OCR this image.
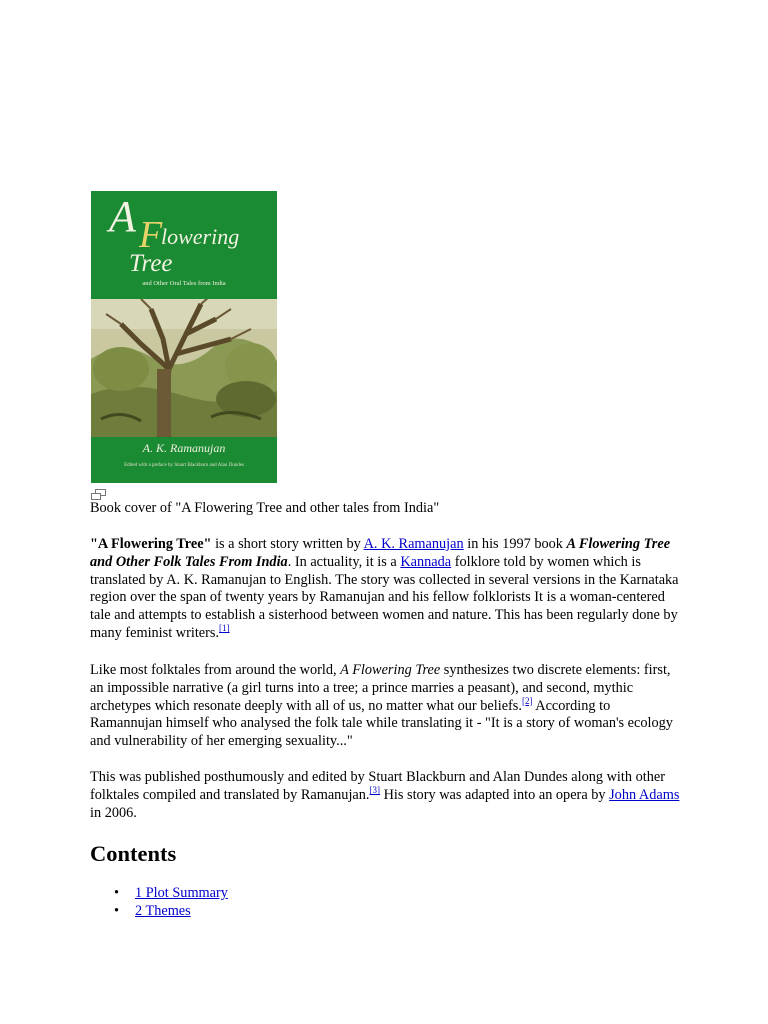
A F
lowering
Tree
and Other Oral Tales from India
A. K. Ramanujan
Edited with a preface by Stuart Blackburn and Alan Dundes

Book cover of "A Flowering Tree and other tales from India"

"A Flowering Tree" is a short story written by A. K. Ramanujan in his 1997 book A Flowering Tree and Other Folk Tales From India. In actuality, it is a Kannada folklore told by women which is translated by A. K. Ramanujan to English. The story was collected in several versions in the Karnataka region over the span of twenty years by Ramanujan and his fellow folklorists It is a woman-centered tale and attempts to establish a sisterhood between women and nature. This has been regularly done by many feminist writers.[1]

Like most folktales from around the world, A Flowering Tree synthesizes two discrete elements: first, an impossible narrative (a girl turns into a tree; a prince marries a peasant), and second, mythic archetypes which resonate deeply with all of us, no matter what our beliefs.[2] According to Ramannujan himself who analysed the folk tale while translating it - "It is a story of woman's ecology and vulnerability of her emerging sexuality..."

This was published posthumously and edited by Stuart Blackburn and Alan Dundes along with other folktales compiled and translated by Ramanujan.[3] His story was adapted into an opera by John Adams in 2006.

Contents
• 1 Plot Summary
• 2 Themes
